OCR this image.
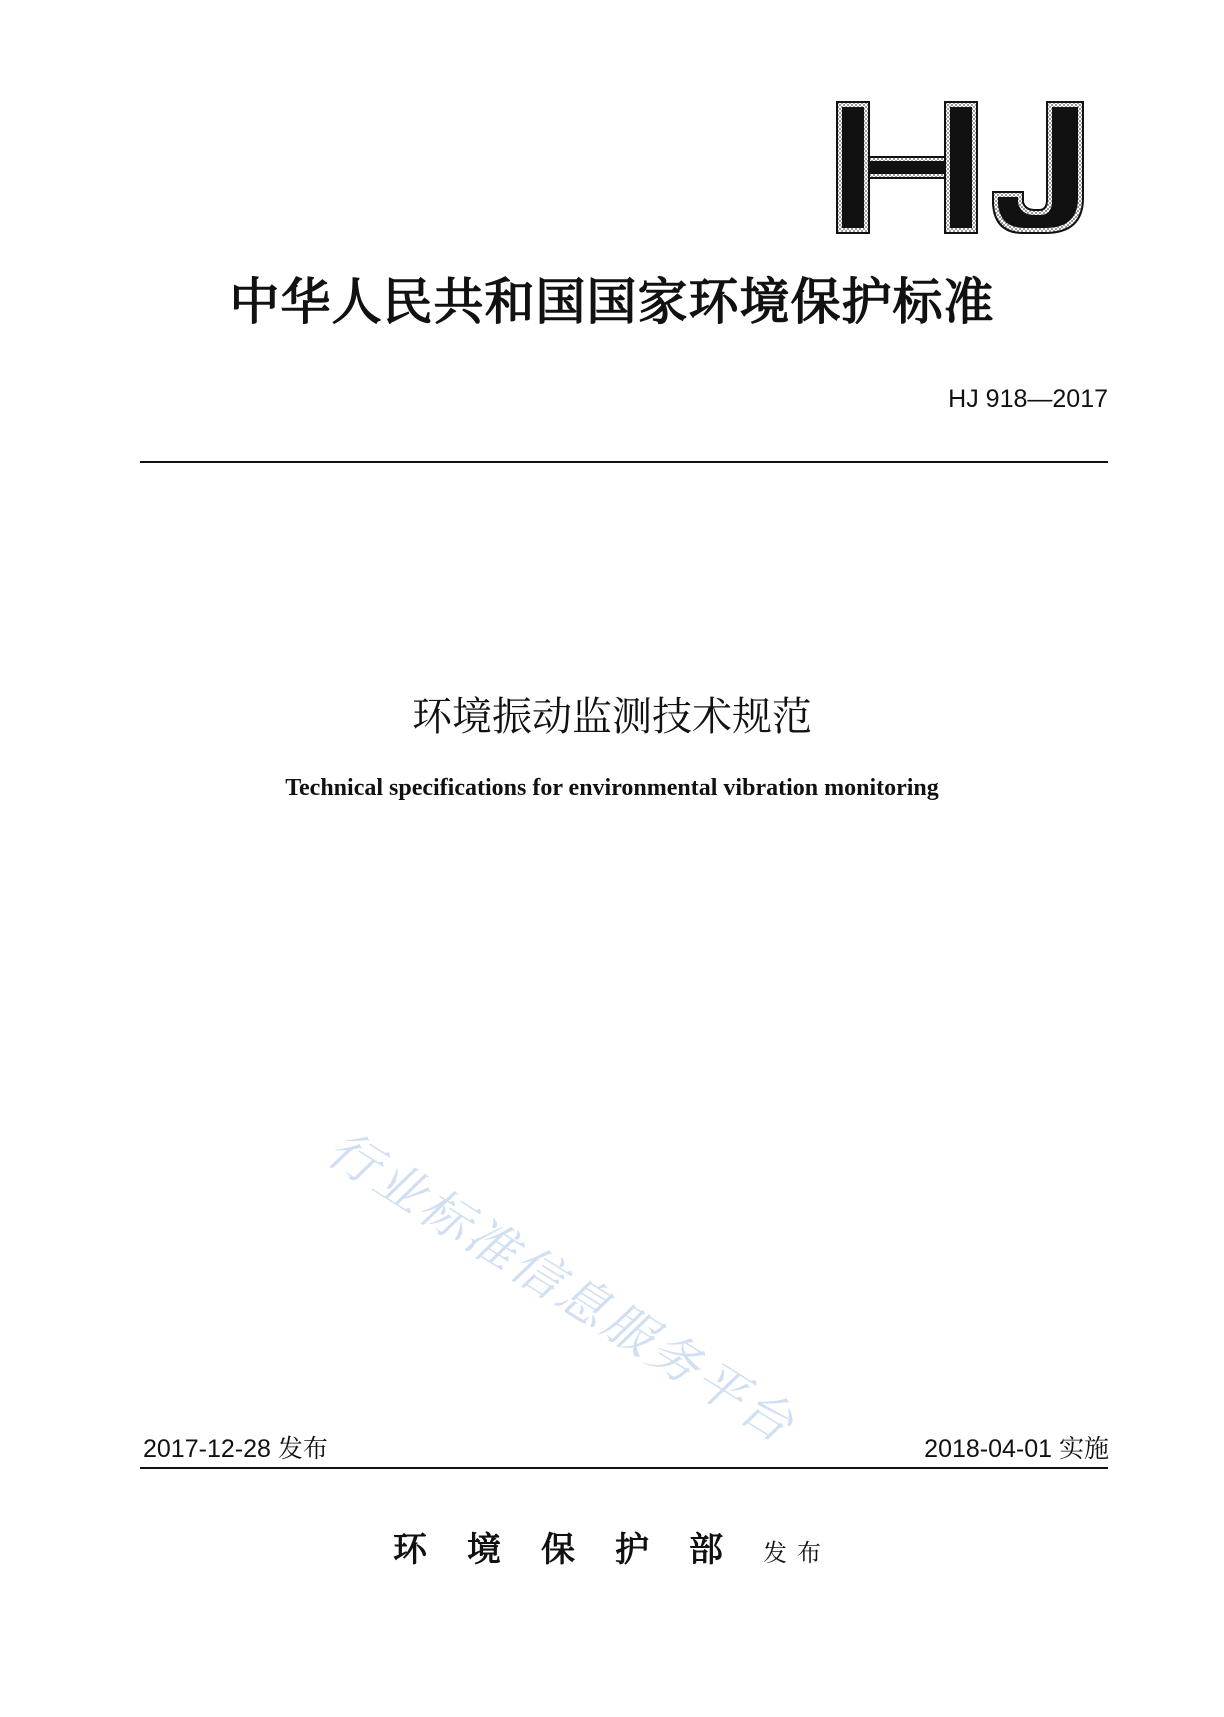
中华人民共和国国家环境保护标准
HJ 918—2017
环境振动监测技术规范
Technical specifications for environmental vibration monitoring
行业标准信息服务平台
2017-12-28 发布	2018-04-01 实施
环境保护部发布
